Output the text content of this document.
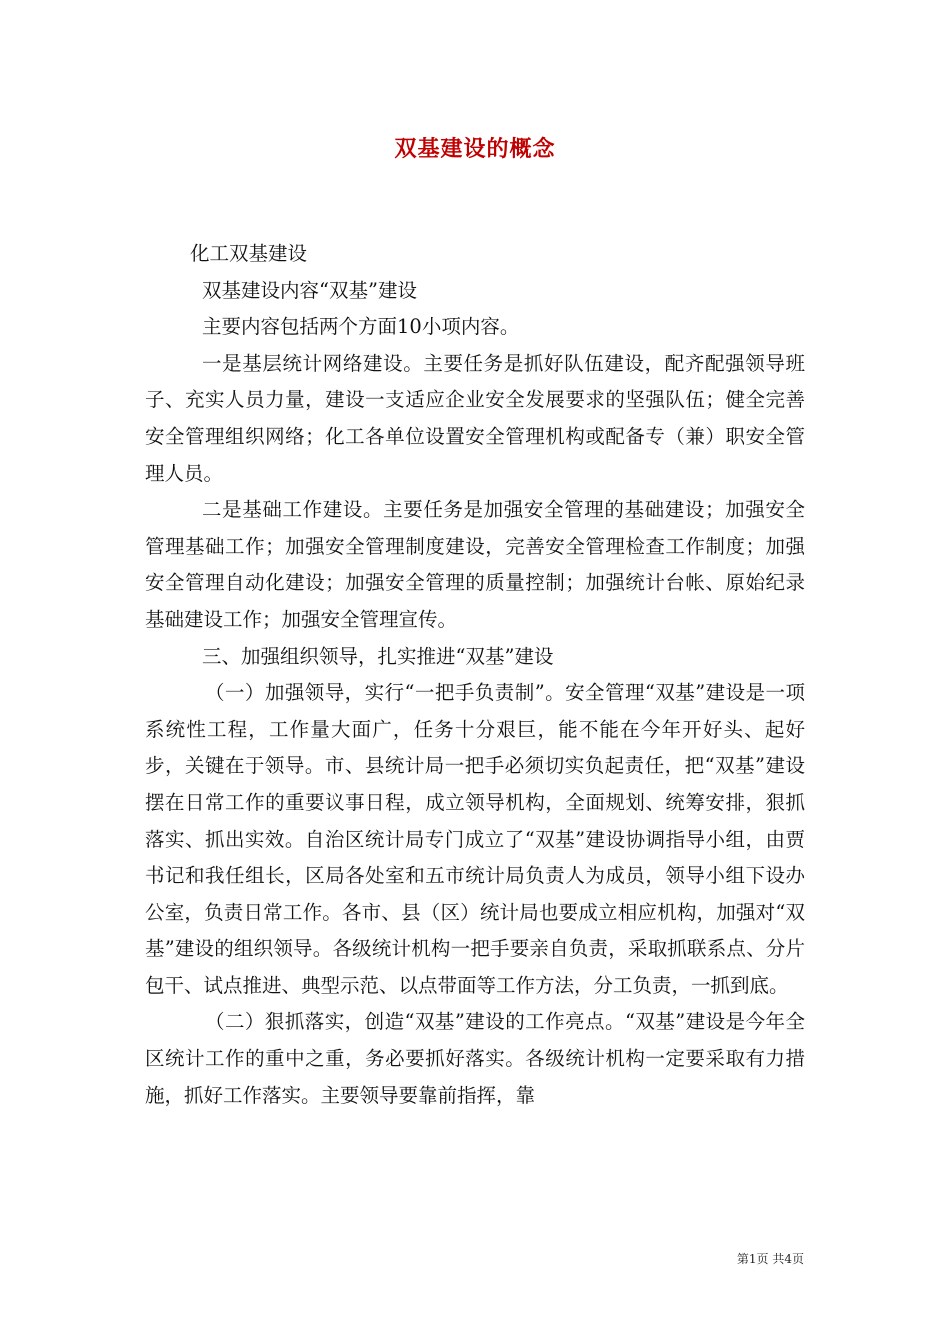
双基建设的概念

化工双基建设

双基建设内容“双基”建设

主要内容包括两个方面10小项内容。

一是基层统计网络建设。主要任务是抓好队伍建设，配齐配强领导班子、充实人员力量，建设一支适应企业安全发展要求的坚强队伍；健全完善安全管理组织网络；化工各单位设置安全管理机构或配备专（兼）职安全管理人员。

二是基础工作建设。主要任务是加强安全管理的基础建设；加强安全管理基础工作；加强安全管理制度建设，完善安全管理检查工作制度；加强安全管理自动化建设；加强安全管理的质量控制；加强统计台帐、原始纪录基础建设工作；加强安全管理宣传。

三、加强组织领导，扎实推进“双基”建设

（一）加强领导，实行“一把手负责制”。安全管理“双基”建设是一项系统性工程，工作量大面广，任务十分艰巨，能不能在今年开好头、起好步，关键在于领导。市、县统计局一把手必须切实负起责任，把“双基”建设摆在日常工作的重要议事日程，成立领导机构，全面规划、统筹安排，狠抓落实、抓出实效。自治区统计局专门成立了“双基”建设协调指导小组，由贾书记和我任组长，区局各处室和五市统计局负责人为成员，领导小组下设办公室，负责日常工作。各市、县（区）统计局也要成立相应机构，加强对“双基”建设的组织领导。各级统计机构一把手要亲自负责，采取抓联系点、分片包干、试点推进、典型示范、以点带面等工作方法，分工负责，一抓到底。

（二）狠抓落实，创造“双基”建设的工作亮点。“双基”建设是今年全区统计工作的重中之重，务必要抓好落实。各级统计机构一定要采取有力措施，抓好工作落实。主要领导要靠前指挥，靠

第1页 共4页
